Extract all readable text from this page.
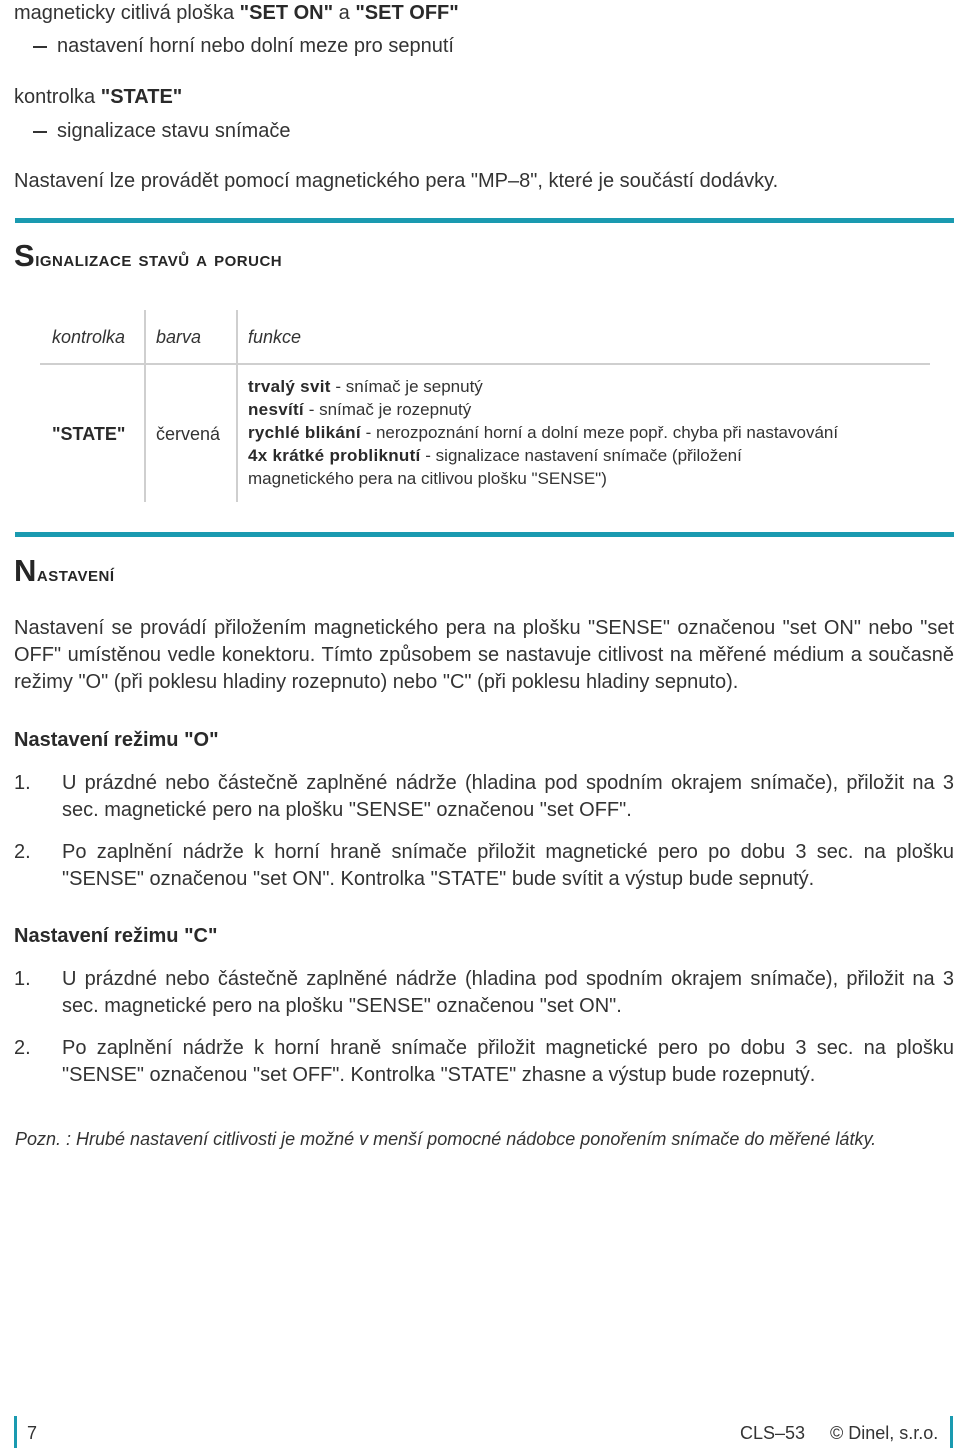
magneticky citlivá ploška "SET ON" a "SET OFF"
nastavení horní nebo dolní meze pro sepnutí
kontrolka "STATE"
signalizace stavu snímače
Nastavení lze provádět pomocí magnetického pera "MP–8", které je součástí dodávky.
Signalizace stavů a poruch
kontrolka barva	funkce
"STATE" červená
trvalý svit - snímač je sepnutý
nesvítí - snímač je rozepnutý
rychlé blikání - nerozpoznání horní a dolní meze popř. chyba při nastavování
4x krátké probliknutí - signalizace nastavení snímače (přiložení
magnetického pera na citlivou plošku "SENSE")
Nastavení
Nastavení se provádí přiložením magnetického pera na plošku "SENSE" označenou "set ON" nebo "set OFF" umístěnou vedle konektoru. Tímto způsobem se nastavuje citlivost na měřené médium a současně režimy "O" (při poklesu hladiny rozepnuto) nebo "C" (při poklesu hladiny sepnuto).
Nastavení režimu "O"
1. U prázdné nebo částečně zaplněné nádrže (hladina pod spodním okrajem snímače), přiložit na 3 sec. magnetické pero na plošku "SENSE" označenou "set OFF".
2. Po zaplnění nádrže k horní hraně snímače přiložit magnetické pero po dobu 3 sec. na plošku "SENSE" označenou "set ON". Kontrolka "STATE" bude svítit a výstup bude sepnutý.
Nastavení režimu "C"
1. U prázdné nebo částečně zaplněné nádrže (hladina pod spodním okrajem snímače), přiložit na 3 sec. magnetické pero na plošku "SENSE" označenou "set ON".
2. Po zaplnění nádrže k horní hraně snímače přiložit magnetické pero po dobu 3 sec. na plošku "SENSE" označenou "set OFF". Kontrolka "STATE" zhasne a výstup bude rozepnutý.
Pozn. : Hrubé nastavení citlivosti je možné v menší pomocné nádobce ponořením snímače do měřené látky.
7	CLS–53 © Dinel, s.r.o.
